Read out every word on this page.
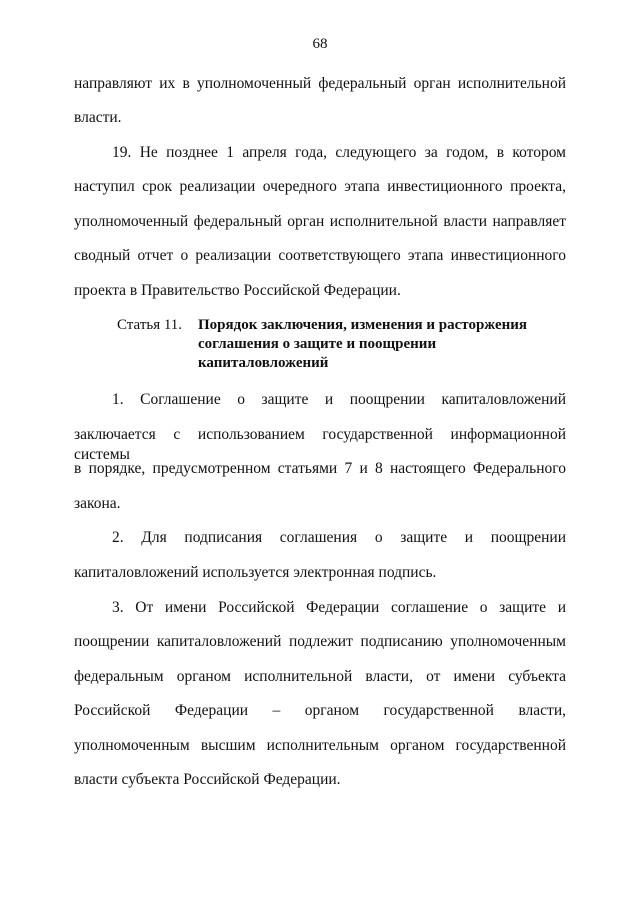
68
направляют их в уполномоченный федеральный орган исполнительной
власти.
19. Не позднее 1 апреля года, следующего за годом, в котором
наступил срок реализации очередного этапа инвестиционного проекта,
уполномоченный федеральный орган исполнительной власти направляет
сводный отчет о реализации соответствующего этапа инвестиционного
проекта в Правительство Российской Федерации.
Статья 11. Порядок заключения, изменения и расторжения
соглашения о защите и поощрении
капиталовложений
1. Соглашение о защите и поощрении капиталовложений
заключается с использованием государственной информационной системы
в порядке, предусмотренном статьями 7 и 8 настоящего Федерального
закона.
2. Для подписания соглашения о защите и поощрении
капиталовложений используется электронная подпись.
3. От имени Российской Федерации соглашение о защите и
поощрении капиталовложений подлежит подписанию уполномоченным
федеральным органом исполнительной власти, от имени субъекта
Российской Федерации – органом государственной власти,
уполномоченным высшим исполнительным органом государственной
власти субъекта Российской Федерации.
